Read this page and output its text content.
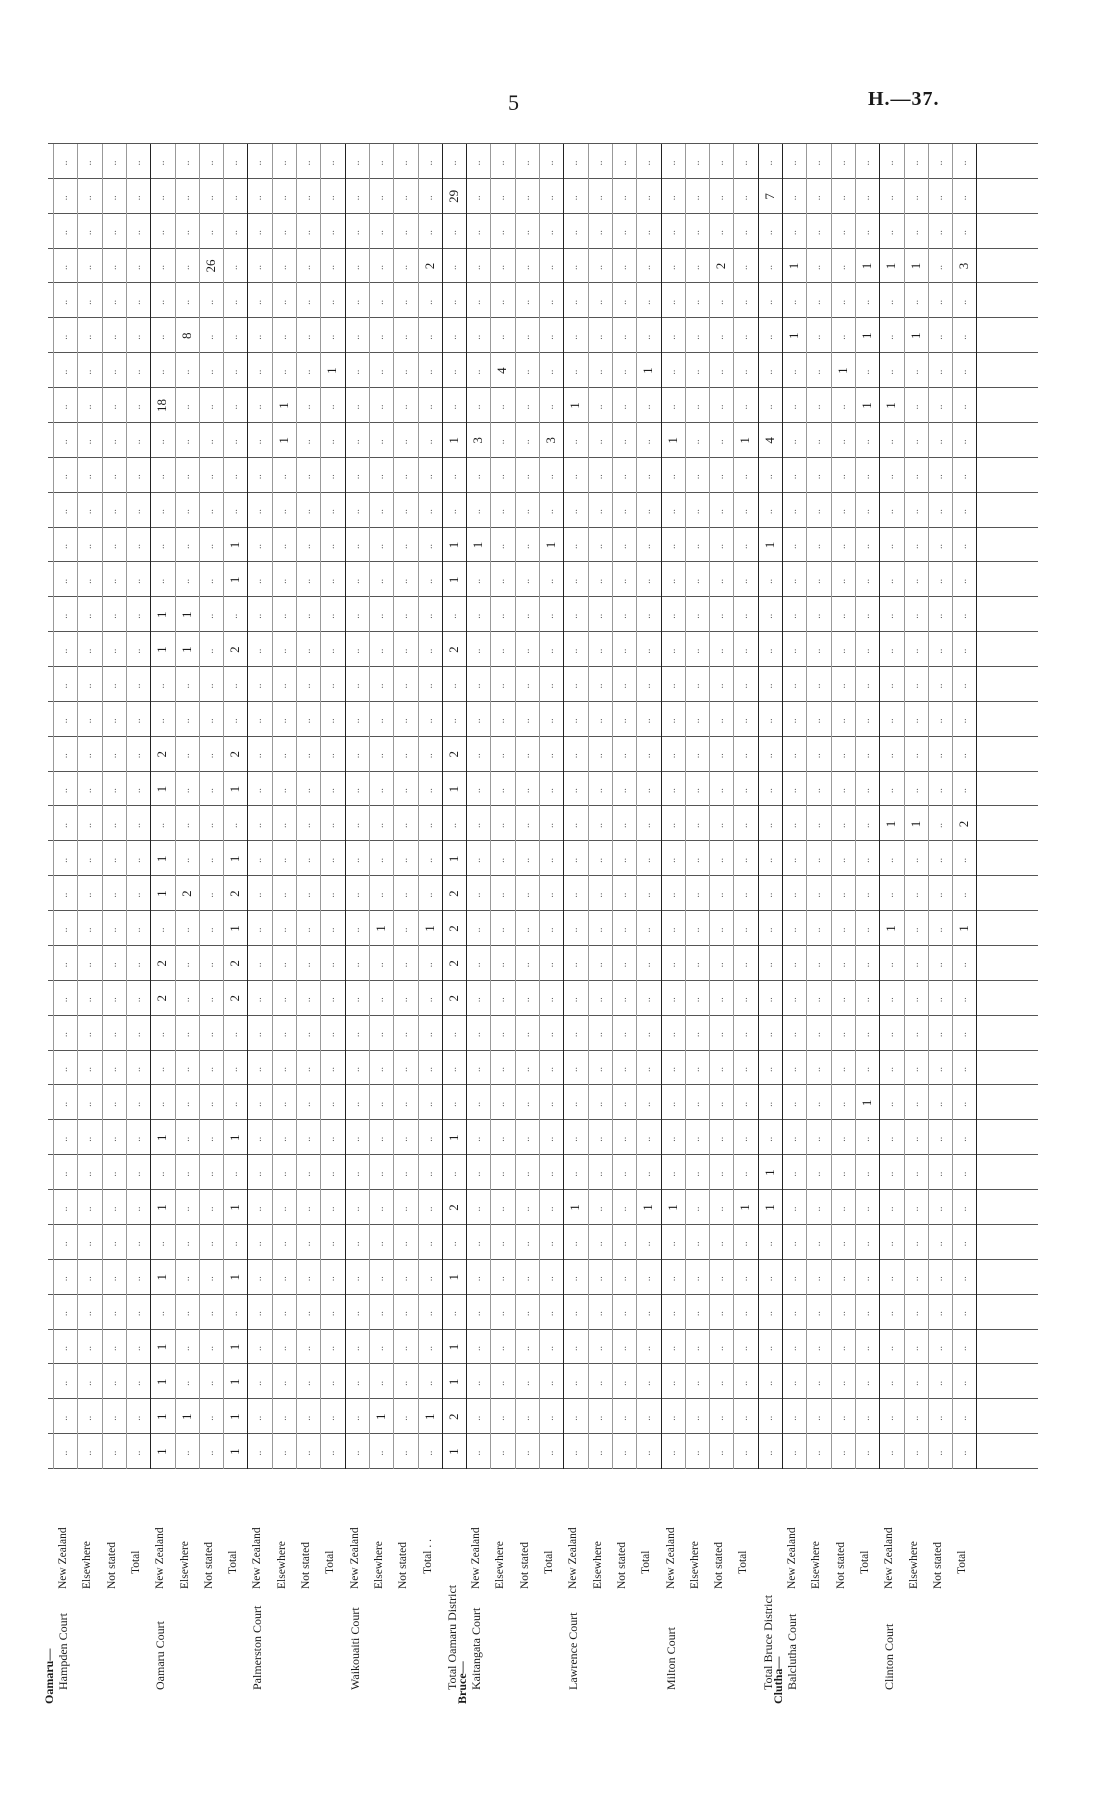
5	H.—37.
Oamaru— Hampden Court
New Zealand Elsewhere Not stated Total
Oamaru Court
New Zealand Elsewhere Not stated Total
Palmerston Court
New Zealand Elsewhere Not stated Total
Waikouaiti Court
New Zealand Elsewhere Not stated Total . .
Total Oamaru District
Bruce— Kaitangata Court
New Zealand Elsewhere Not stated Total
Lawrence Court
New Zealand Elsewhere Not stated Total
Milton Court
New Zealand Elsewhere Not stated Total
Total Bruce District
Clutha— Balclutha Court
New Zealand Elsewhere Not stated Total
Clinton Court
New Zealand Elsewhere Not stated Total
..
..
..
..
..
..
..
..
..
..
..
..
..
..
..
..
..
..
..
..
..
..
..
..
..
..
..
..
..
..
..
..
..
..
..
..
..
..
..
..
..
..
..
..
..
..
..
..
..
..
..
..
..
..
..
..
..
..
..
..
..
..
..
..
..
..
..
..
..
..
..
..
..
..
..
..
..
..
..
..
..
..
..
..
..
..
..
..
..
..
..
..
..
..
..
..
..
..
..
..
..
..
..
..
..
..
..
..
..
..
..
..
..
..
..
..
..
..
..
..
..
..
..
..
..
..
..
..
..
..
..
..
..
..
..
..
..
..
..
..
..
..
..
..
..
..
..
..
..
..
..
..
1
1
1
1
..
1
..
1
..
1
..
..
..
2
2
..
1
1
..
1
2
..
..
1
1
..
..
..
..
..
18
..
..
..
..
..
..
..
..
1
..
..
..
..
..
..
..
..
..
..
..
..
..
..
2
..
..
..
..
..
..
1
1
..
..
..
..
..
..
..
8
..
..
..
..
..
..
..
..
..
..
..
..
..
..
..
..
..
..
..
..
..
..
..
..
..
..
..
..
..
..
..
..
..
..
..
..
..
..
..
26
..
..
..
1
1
1
1
..
1
..
1
..
1
..
..
..
2
2
1
2
1
..
1
2
..
..
2
..
1
1
..
..
..
..
..
..
..
..
..
..
..
..
..
..
..
..
..
..
..
..
..
..
..
..
..
..
..
..
..
..
..
..
..
..
..
..
..
..
..
..
..
..
..
..
..
..
..
..
..
..
..
..
..
..
..
..
..
..
..
..
..
..
..
..
..
..
..
..
..
..
..
..
..
..
..
..
..
..
1
1
..
..
..
..
..
..
..
..
..
..
..
..
..
..
..
..
..
..
..
..
..
..
..
..
..
..
..
..
..
..
..
..
..
..
..
..
..
..
..
..
..
..
..
..
..
..
..
..
..
..
..
..
..
..
..
..
..
..
..
..
..
..
..
..
..
..
..
..
..
..
..
..
..
..
..
..
1
..
..
..
..
..
..
..
..
..
..
..
..
..
..
..
..
..
..
..
..
..
..
..
..
..
..
..
..
..
..
..
..
..
..
..
..
..
..
..
..
..
..
..
..
..
1
..
..
..
..
..
..
..
..
..
..
..
..
..
1
..
..
..
..
..
..
..
..
..
..
..
..
..
..
..
..
..
..
..
..
..
..
..
..
..
..
..
..
..
..
..
..
..
..
..
..
..
..
..
..
..
..
..
..
..
..
..
..
..
..
..
..
..
..
..
..
..
..
..
..
..
1
..
..
..
..
..
..
..
..
..
..
..
..
..
1
..
..
..
..
..
..
..
..
..
..
..
..
..
..
..
..
..
..
2
..
..
..
1
2
1
1
..
1
..
2
..
1
..
..
..
2
2
2
2
1
..
1
2
..
..
2
..
1
1
..
..
1
..
..
..
..
..
..
29
..
..
..
..
..
..
..
..
..
..
..
..
..
..
..
..
..
..
..
..
..
..
..
..
..
..
..
1
..
..
3
..
..
..
..
..
..
..
..
..
..
..
..
..
..
..
..
..
..
..
..
..
..
..
..
..
..
..
..
..
..
..
..
..
..
..
..
..
..
..
4
..
..
..
..
..
..
..
..
..
..
..
..
..
..
..
..
..
..
..
..
..
..
..
..
..
..
..
..
..
..
..
..
..
..
..
..
..
..
..
..
..
..
..
..
..
..
..
..
..
..
..
..
..
..
..
..
..
..
..
..
..
..
..
..
..
..
..
..
..
..
1
..
..
3
..
..
..
..
..
..
..
..
..
..
..
..
..
..
..
1
..
..
..
..
..
..
..
..
..
..
..
..
..
..
..
..
..
..
..
..
..
..
1
..
..
..
..
..
..
..
..
..
..
..
..
..
..
..
..
..
..
..
..
..
..
..
..
..
..
..
..
..
..
..
..
..
..
..
..
..
..
..
..
..
..
..
..
..
..
..
..
..
..
..
..
..
..
..
..
..
..
..
..
..
..
..
..
..
..
..
..
..
..
..
..
..
..
..
..
..
..
..
..
..
..
..
..
..
..
..
..
..
..
1
..
..
..
..
..
..
..
..
..
..
..
..
..
..
..
..
..
..
..
..
..
..
..
1
..
..
..
..
..
..
..
..
..
..
..
..
..
1
..
..
..
..
..
..
..
..
..
..
..
..
..
..
..
..
..
..
..
..
..
1
..
..
..
..
..
..
..
..
..
..
..
..
..
..
..
..
..
..
..
..
..
..
..
..
..
..
..
..
..
..
..
..
..
..
..
..
..
..
..
..
..
..
..
..
..
..
..
..
..
..
..
..
..
..
..
..
..
..
..
..
..
..
..
..
..
..
..
..
..
..
..
..
..
..
..
..
..
..
..
..
2
..
..
..
..
..
..
..
..
..
..
1
..
..
..
..
..
..
..
..
..
..
..
..
..
..
..
..
..
..
..
..
..
1
..
..
..
..
..
..
..
..
..
..
..
..
..
..
..
1
1
..
..
..
..
..
..
..
..
..
..
..
..
..
..
..
..
..
1
..
..
4
..
..
..
..
..
..
7
..
..
..
..
..
..
..
..
..
..
..
..
..
..
..
..
..
..
..
..
..
..
..
..
..
..
..
..
..
..
..
..
..
1
..
1
..
..
..
..
..
..
..
..
..
..
..
..
..
..
..
..
..
..
..
..
..
..
..
..
..
..
..
..
..
..
..
..
..
..
..
..
..
..
..
..
..
..
..
..
..
..
..
..
..
..
..
..
..
..
..
..
..
..
..
..
..
..
..
..
..
..
..
..
..
..
..
..
1
..
..
..
..
..
..
..
..
..
..
..
..
..
..
..
..
1
..
..
..
..
..
..
..
..
..
..
..
..
..
..
..
..
..
..
..
1
..
1
..
1
..
..
..
..
..
..
..
..
..
..
..
..
..
..
..
..
..
..
1
..
..
1
..
..
..
..
..
..
..
..
..
..
..
1
..
..
..
1
..
..
..
..
..
..
..
..
..
..
..
..
..
..
..
..
..
..
..
..
..
1
..
..
..
..
..
..
..
..
..
..
..
..
..
1
..
1
..
..
..
..
..
..
..
..
..
..
..
..
..
..
..
..
..
..
..
..
..
..
..
..
..
..
..
..
..
..
..
..
..
..
..
..
..
..
..
..
..
..
..
..
..
..
..
..
..
..
..
..
..
..
..
..
1
..
..
2
..
..
..
..
..
..
..
..
..
..
..
..
..
..
..
3
..
..
..
